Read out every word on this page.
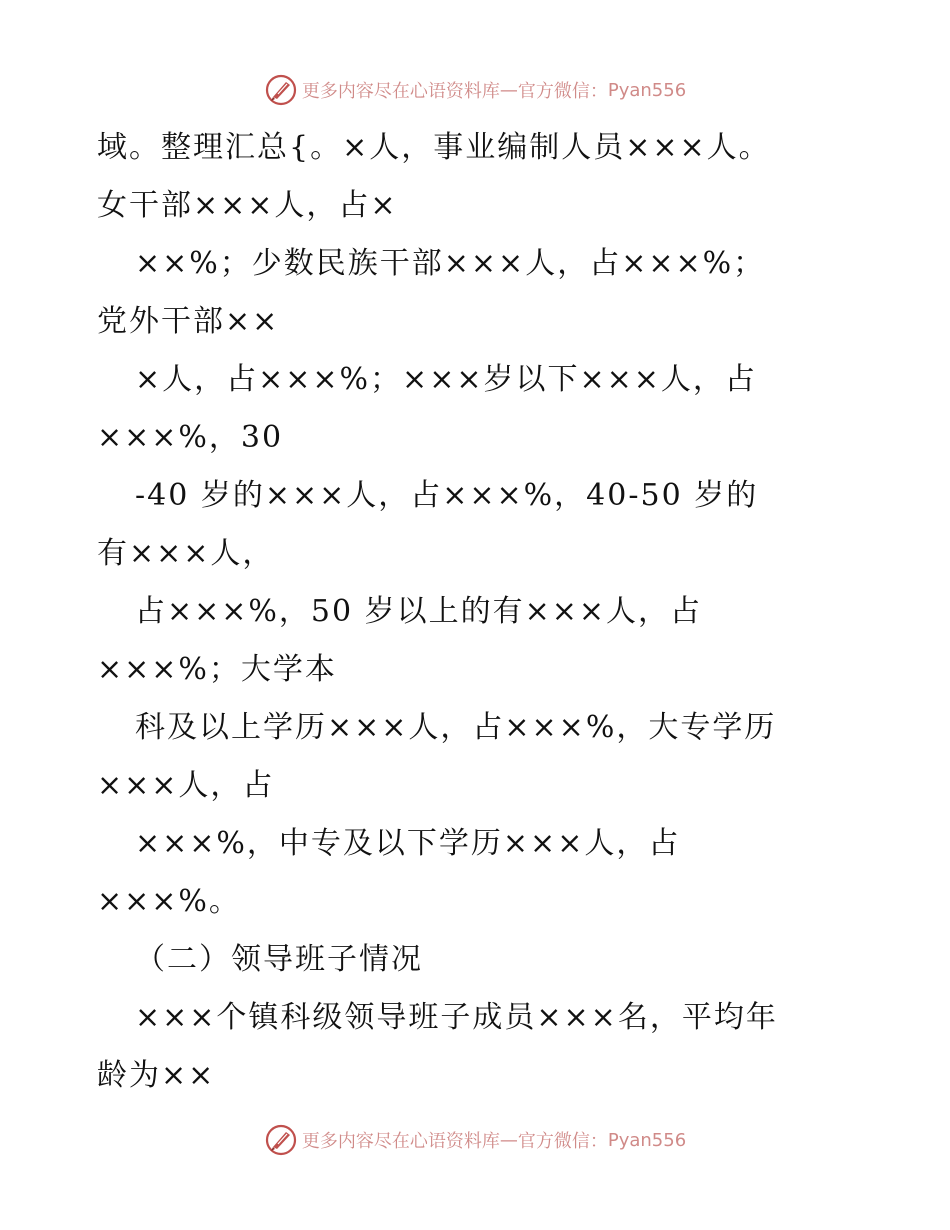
更多内容尽在心语资料库 — 官方微信： Pyan556
域。整理汇总{。×人，事业编制人员×××人。
女干部×××人，占×
××%；少数民族干部×××人，占×××%；
党外干部××
×人，占×××%；×××岁以下×××人，占
×××%，30
-40 岁的×××人，占×××%，40-50 岁的
有×××人，
占×××%，50 岁以上的有×××人，占
×××%；大学本
科及以上学历×××人，占×××%，大专学历
×××人，占
×××%，中专及以下学历×××人，占
×××%。
（二）领导班子情况
×××个镇科级领导班子成员×××名，平均年
龄为××
更多内容尽在心语资料库 — 官方微信： Pyan556
